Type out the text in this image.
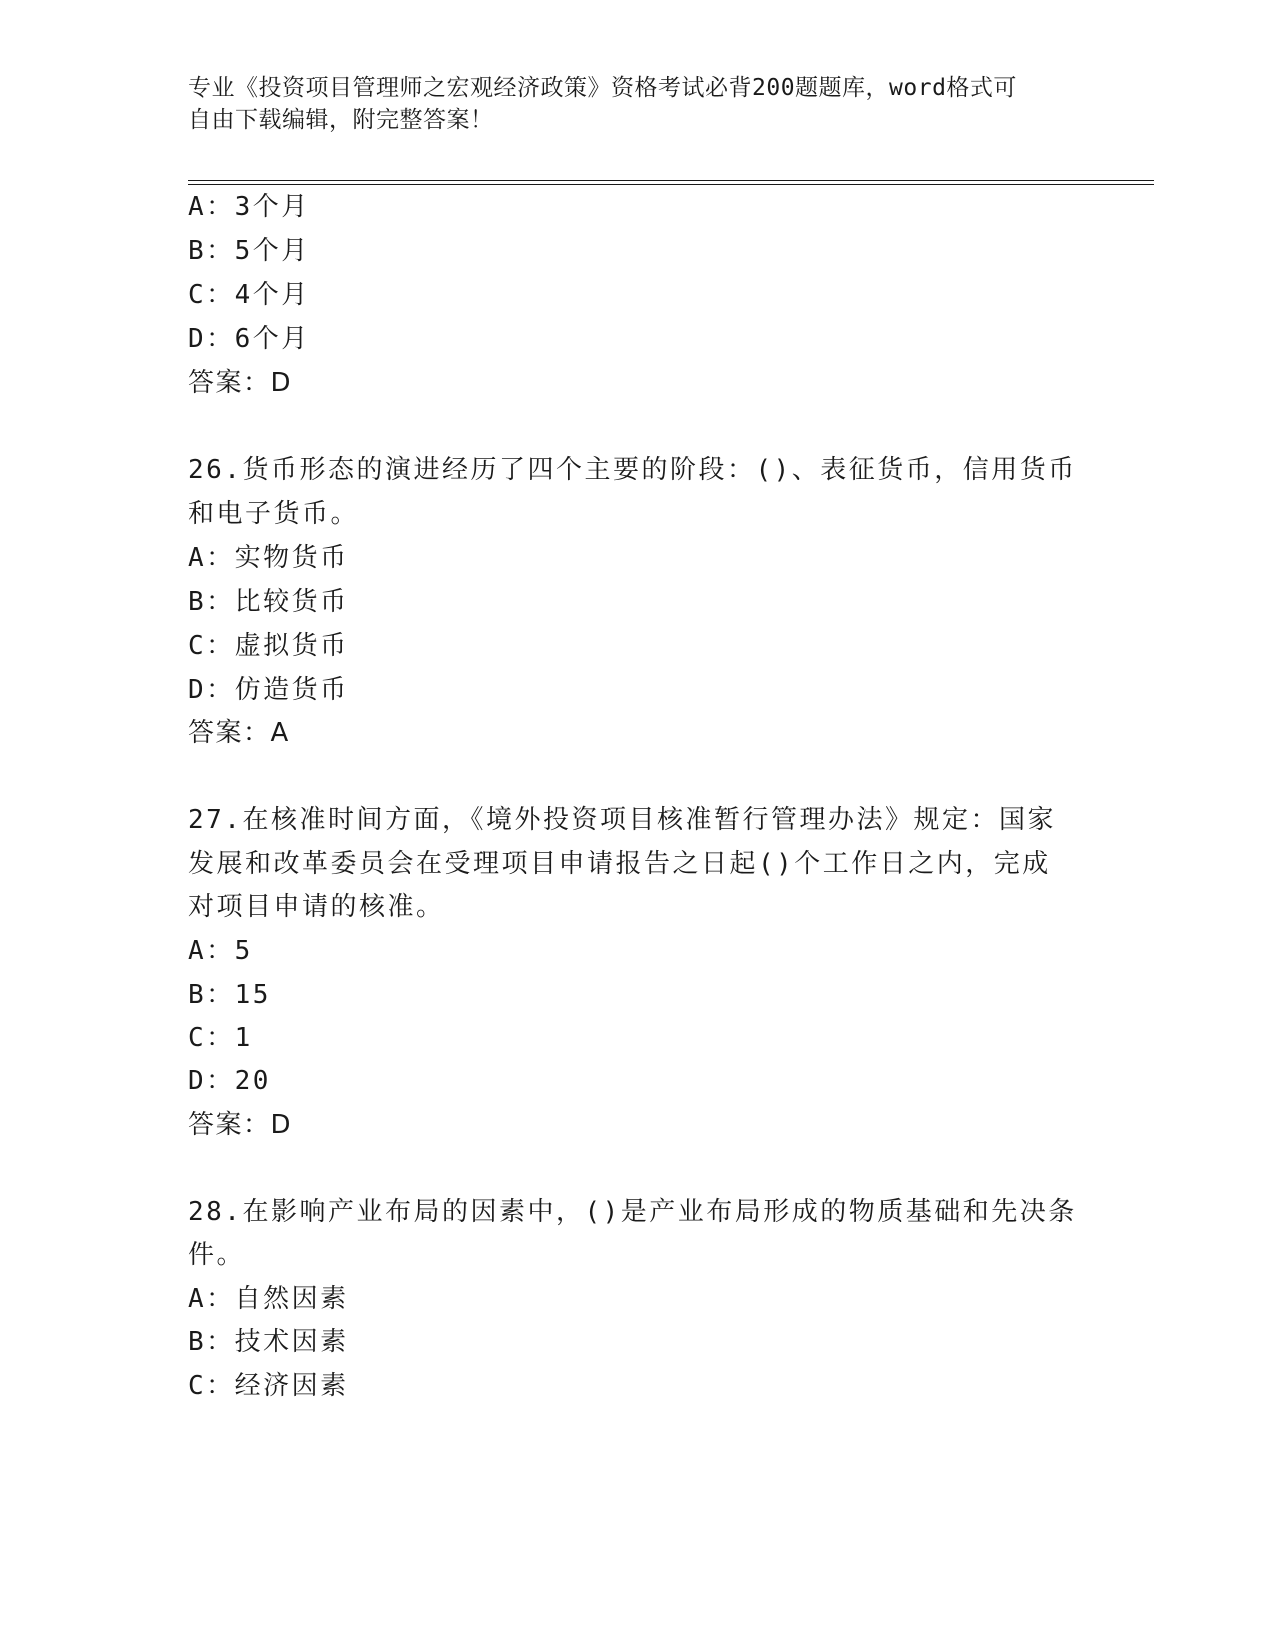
专业《投资项目管理师之宏观经济政策》资格考试必背200题题库，word格式可
自由下载编辑，附完整答案！
A：3个月
B：5个月
C：4个月
D：6个月
答案：D
26.货币形态的演进经历了四个主要的阶段：()、表征货币，信用货币
和电子货币。
A：实物货币
B：比较货币
C：虚拟货币
D：仿造货币
答案：A
27.在核准时间方面，《境外投资项目核准暂行管理办法》规定：国家
发展和改革委员会在受理项目申请报告之日起()个工作日之内，完成
对项目申请的核准。
A：5
B：15
C：1
D：20
答案：D
28.在影响产业布局的因素中，()是产业布局形成的物质基础和先决条
件。
A：自然因素
B：技术因素
C：经济因素
